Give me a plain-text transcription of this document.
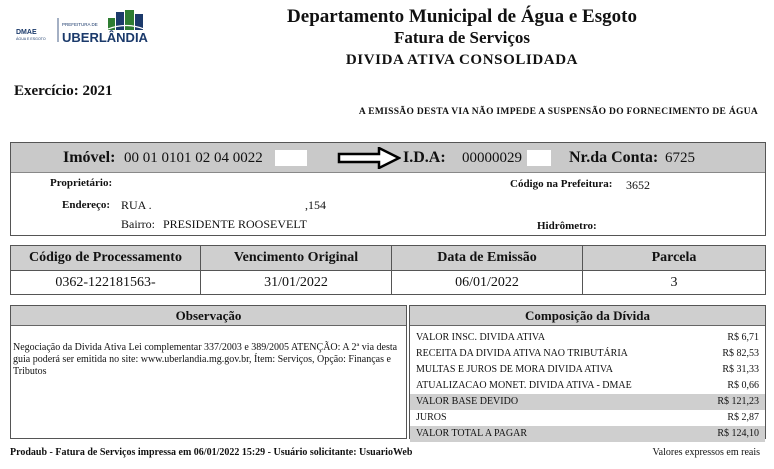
DMAE
ÁGUA E ESGOTO
PREFEITURA DE
UBERLÂNDIA
Departamento Municipal de Água e Esgoto
Fatura de Serviços
DIVIDA ATIVA CONSOLIDADA
Exercício: 2021
A EMISSÃO DESTA VIA NÃO IMPEDE A SUSPENSÃO DO FORNECIMENTO DE ÁGUA
Imóvel: 00 01 0101 02 04 0022	I.D.A: 00000029	Nr.da Conta: 6725
Proprietário:	Código na Prefeitura: 3652
Endereço: RUA .	,154
Bairro: PRESIDENTE ROOSEVELT	Hidrômetro:
Código de Processamento	Vencimento Original	Data de Emissão	Parcela
0362-122181563-	31/01/2022	06/01/2022	3
Observação
Negociação da Divida Ativa Lei complementar 337/2003 e 389/2005 ATENÇÃO: A 2ª via desta guia poderá ser emitida no site: www.uberlandia.mg.gov.br, Ítem: Serviços, Opção: Finanças e Tributos
Composição da Dívida
VALOR INSC. DIVIDA ATIVA	R$ 6,71
RECEITA DA DIVIDA ATIVA NAO TRIBUTÁRIA	R$ 82,53
MULTAS E JUROS DE MORA DIVIDA ATIVA	R$ 31,33
ATUALIZACAO MONET. DIVIDA ATIVA - DMAE	R$ 0,66
VALOR BASE DEVIDO	R$ 121,23
JUROS	R$ 2,87
VALOR TOTAL A PAGAR	R$ 124,10
Prodaub - Fatura de Serviços impressa em 06/01/2022 15:29 - Usuário solicitante: UsuarioWeb	Valores expressos em reais
